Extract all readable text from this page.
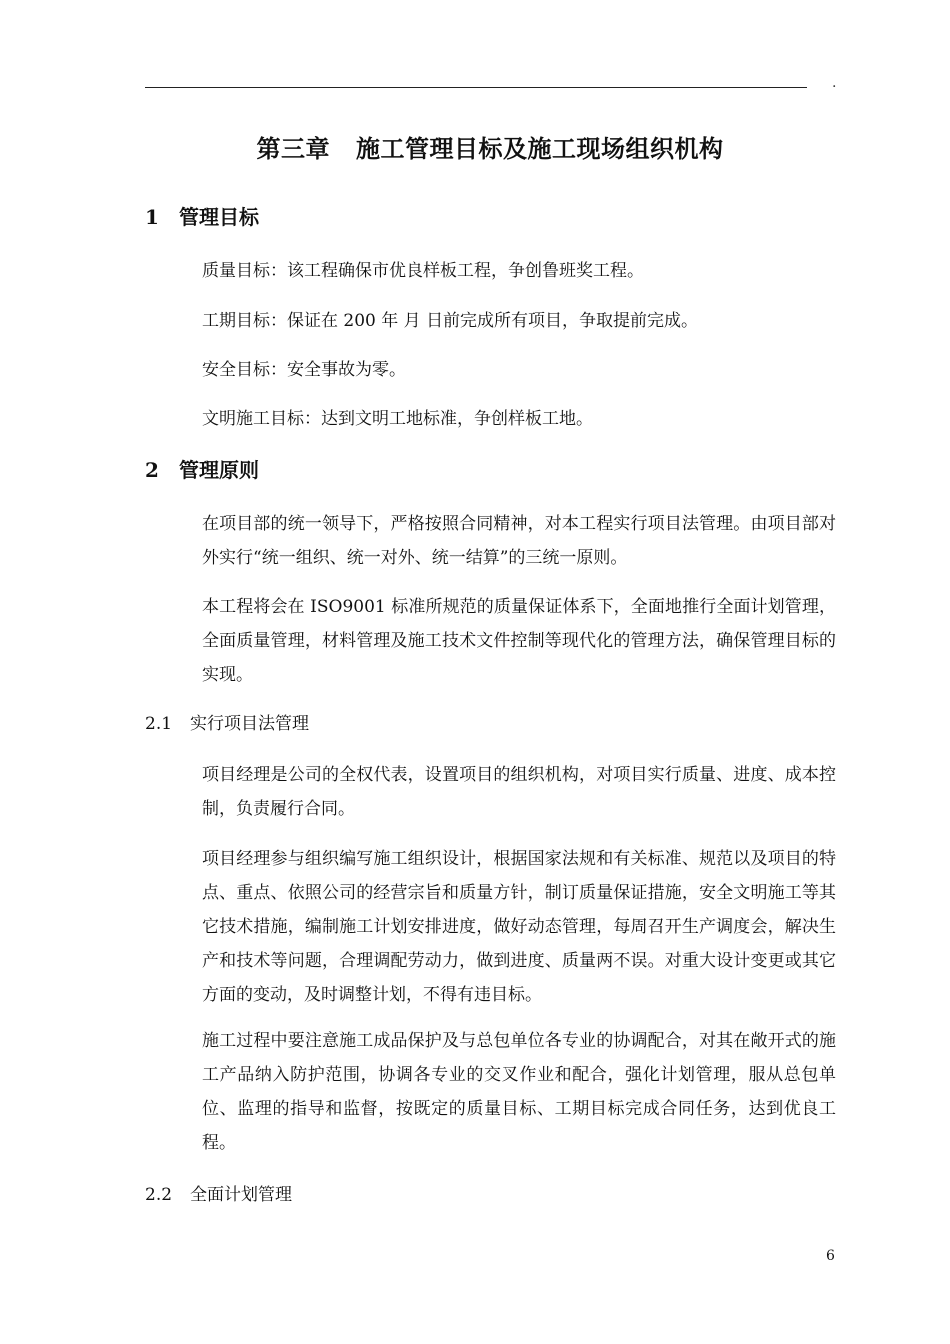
.
第三章 施工管理目标及施工现场组织机构
1 管理目标
质量目标：该工程确保市优良样板工程，争创鲁班奖工程。
工期目标：保证在 200 年 月 日前完成所有项目，争取提前完成。
安全目标：安全事故为零。
文明施工目标：达到文明工地标准，争创样板工地。
2 管理原则
在项目部的统一领导下，严格按照合同精神，对本工程实行项目法管理。由项目部对外实行“统一组织、统一对外、统一结算”的三统一原则。
本工程将会在 ISO9001 标准所规范的质量保证体系下，全面地推行全面计划管理，全面质量管理，材料管理及施工技术文件控制等现代化的管理方法，确保管理目标的实现。
2.1 实行项目法管理
项目经理是公司的全权代表，设置项目的组织机构，对项目实行质量、进度、成本控制，负责履行合同。
项目经理参与组织编写施工组织设计，根据国家法规和有关标准、规范以及项目的特点、重点、依照公司的经营宗旨和质量方针，制订质量保证措施，安全文明施工等其它技术措施，编制施工计划安排进度，做好动态管理，每周召开生产调度会，解决生产和技术等问题，合理调配劳动力，做到进度、质量两不误。对重大设计变更或其它方面的变动，及时调整计划，不得有违目标。
施工过程中要注意施工成品保护及与总包单位各专业的协调配合，对其在敞开式的施工产品纳入防护范围，协调各专业的交叉作业和配合，强化计划管理，服从总包单位、监理的指导和监督，按既定的质量目标、工期目标完成合同任务，达到优良工程。
2.2 全面计划管理
6
